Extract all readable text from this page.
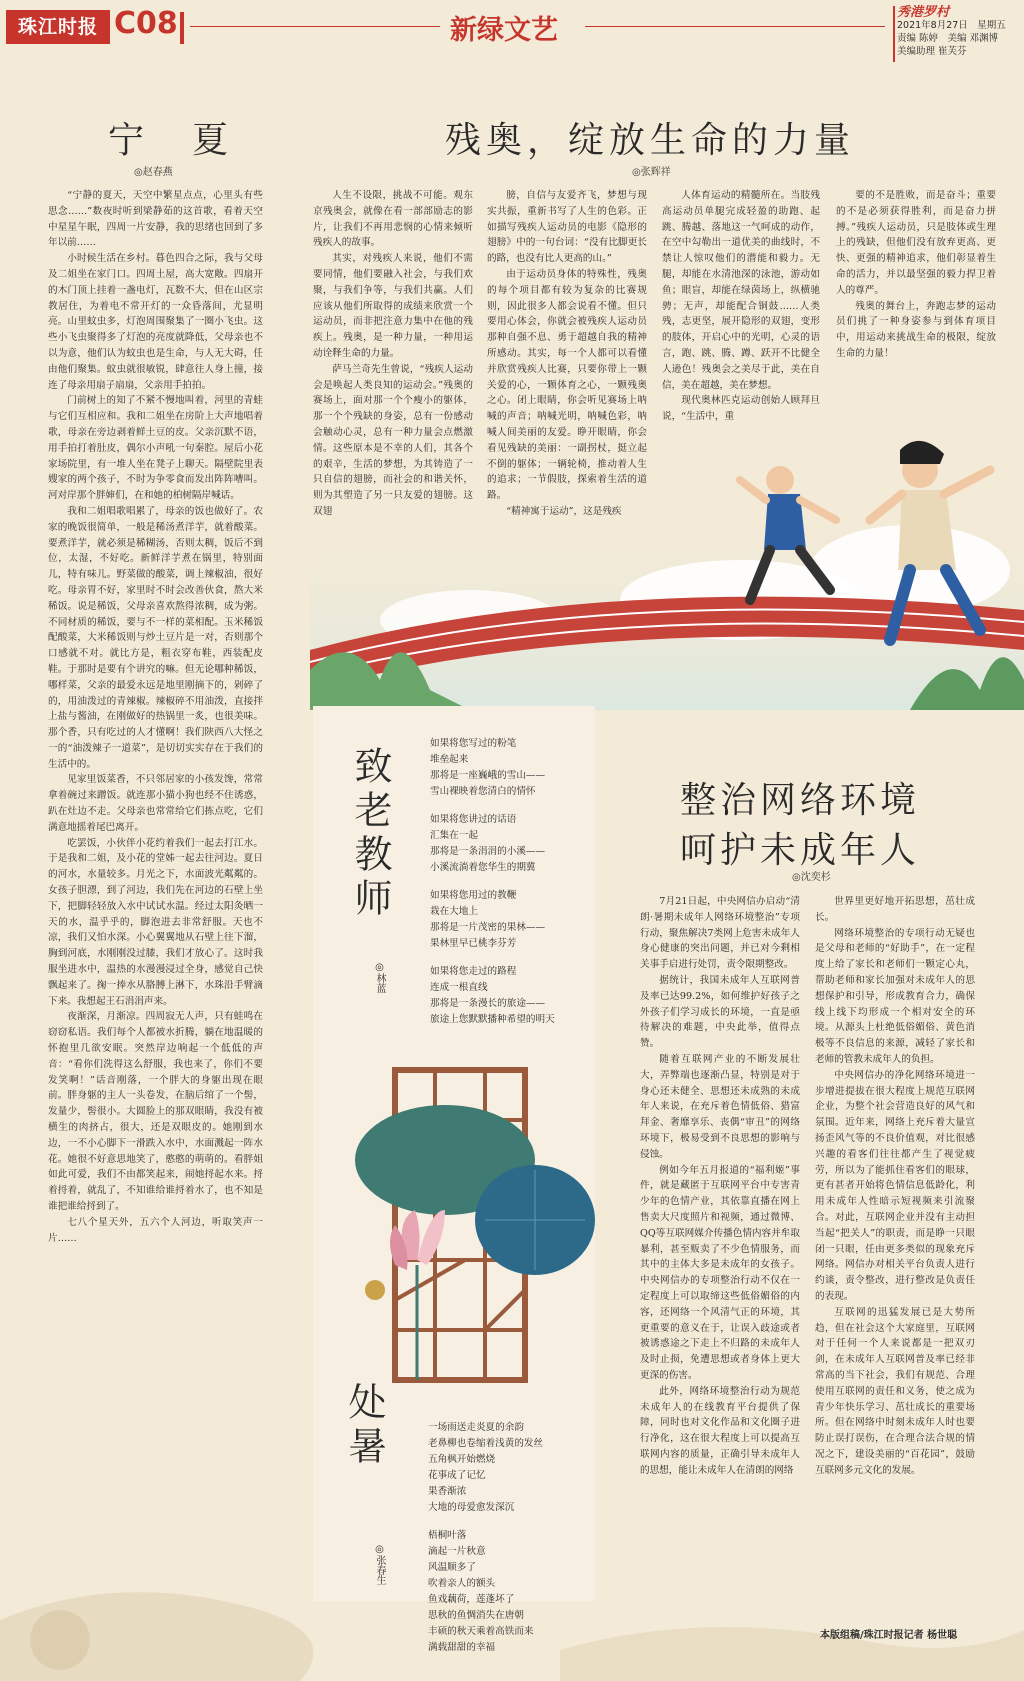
珠江时报 C08	新绿文艺
秀港罗村
2021年8月27日　星期五
责编 陈婷　美编 邓渊博
美编助理 崔芙芬
宁　夏
◎赵春燕

“宁静的夏天，天空中繁星点点，心里头有些思念……”数夜时听到梁静茹的这首歌，看着天空中星星午眠，四周一片安静，我的思绪也回到了多年以前……

小时候生活在乡村。暮色四合之际，我与父母及二姐坐在家门口。四周土屋，高大宽敞。四扇开的木门顶上挂着一盏电灯，瓦数不大，但在山区宗教居住，为着电不常开灯的一众昏落间，尤显明亮。山里蚊虫多，灯泡周围聚集了一圈小飞虫。这些小飞虫聚得多了灯泡的亮度就降低，父母亲也不以为意，他们认为蚊虫也是生命，与人无大碍，任由他们聚集。蚊虫就很敏锐，肆意往人身上撞，接连了母亲用扇子扇扇，父亲用手拍拍。

门前树上的知了不紧不慢地叫着，河里的青蛙与它们互相应和。我和二姐坐在房阶上大声地唱着歌，母亲在旁边剥着鲜土豆的皮。父亲沉默不语，用手拍打着肚皮，偶尔小声吼一句秦腔。屋后小花家场院里，有一堆人坐在凳子上聊天。隔壁院里表嫂家的两个孩子，不时为争零食而发出阵阵嘈叫。河对岸那个胖婶们，在和她的柏树隔岸喊话。

我和二姐唱歌唱累了，母亲的饭也做好了。农家的晚饭很简单，一般是稀汤煮洋芋，就着酸菜。要煮洋芋，就必须是稀糊汤，否则太稠，饭后不到位，太湿，不好吃。新鲜洋芋煮在锅里，特别面儿，特有味儿。野菜做的酸菜，调上辣椒油，很好吃。母亲胃不好，家里时不时会改善伙食，熬大米稀饭。说是稀饭，父母亲喜欢熬得浓稠，成为粥。不同材质的稀饭，要与不一样的菜相配。玉米稀饭配酸菜，大米稀饭则与炒土豆片是一对，否则那个口感就不对。就比方是，粗衣穿布鞋，西装配皮鞋。于那时是要有个讲究的嘛。但无论哪种稀饭，哪样菜，父亲的最爱永远是地里刚摘下的，剁碎了的，用油泼过的青辣椒。辣椒碎不用油泼，直接拌上盐与酱油，在刚做好的热锅里一炙，也很美味。那个香，只有吃过的人才懂啊！我们陕西八大怪之一的“油泼辣子一道菜”，是切切实实存在于我们的生活中的。

见家里饭菜香，不只邻居家的小孩发馋，常常拿着碗过来蹭饭。就连那小猫小狗也经不住诱惑，趴在灶边不走。父母亲也常常给它们拣点吃，它们满意地摇着尾巴离开。

吃罢饭，小伙伴小花约着我们一起去打江水。于是我和二姐，及小花的堂姊一起去往河边。夏日的河水，水量较多。月光之下，水面波光粼粼的。女孩子胆漂，到了河边，我们先在河边的石壁上坐下，把脚轻轻放入水中试试水温。经过太阳灸晒一天的水，温乎乎的，脚泡进去非常舒服。天也不凉，我们又怕水深。小心翼翼地从石壁上往下溜，胸到河底，水刚刚没过膝，我们才放心了。这时我服坐进水中，温热的水漫漫浸过全身，感觉自己快飘起来了。掬一捧水从胳膊上淋下，水珠沿手臂滴下来。我想起王石涓涓声来。

夜渐深，月渐凉。四周寂无人声，只有蛙鸣在窃窃私语。我们每个人都被水折腾，躺在地温暖的怀抱里几欲安眠。突然岸边响起一个低低的声音：“看你们洗得这么舒服，我也来了，你们不要发笑啊！”话音刚落，一个胖大的身躯出现在眼前。胖身躯的主人一头卷发，在脑后绾了一个髻，发量少，髻很小。大圆脸上的那双眼睛，我没有被横生的肉挤占，很大，还是双眼皮的。她刚到水边，一不小心脚下一滑跌入水中，水面溅起一阵水花。她很不好意思地笑了，憨憨的萌萌的。看胖姐如此可爱，我们不由都笑起来，闹她捋起水来。捋着捋着，就乱了，不知谁给谁捋着水了，也不知是谁把谁给捋到了。

七八个星天外，五六个人河边，听取笑声一片……

残奥，绽放生命的力量
◎张辉祥

人生不设限，挑战不可能。观东京残奥会，就像在看一部部励志的影片，让我们不再用悲悯的心情来倾听残疾人的故事。

其实，对残疾人来说，他们不需要同情，他们要融入社会，与我们欢聚，与我们争等，与我们共赢。人们应该从他们所取得的成绩来欣赏一个运动员，而非把注意力集中在他的残疾上。残奥，是一种力量，一种用运动诠释生命的力量。

萨马兰奇先生曾说，“残疾人运动会是唤起人类良知的运动会。”残奥的赛场上，面对那一个个瘦小的躯体，那一个个残缺的身姿，总有一份感动会触动心灵，总有一种力量会点燃激情。这些原本是不幸的人们，其各个的艰辛，生活的梦想，为其铸造了一只自信的翅膀，而社会的和谐关怀，则为其塑造了另一只友爱的翅膀。这

膀，自信与友爱齐飞，梦想与现实共振，重新书写了人生的色彩。正如描写残疾人运动员的电影《隐形的翅膀》中的一句台词：“没有比脚更长的路，也没有比人更高的山。”

由于运动员身体的特殊性，残奥的每个项目都有较为复杂的比赛规则，因此很多人都会说看不懂。但只要用心体会，你就会被残疾人运动员那种自强不息、勇于超越自我的精神所感动。其实，每一个人都可以看懂并欣赏残疾人比赛，只要你带上一颗关爱的心，一颗体育之心，一颗残奥之心。闭上眼睛，你会听见赛场上呐喊的声音；呐喊光明，呐喊色彩，呐喊人间美丽的友爱。睁开眼睛，你会看见残缺的美丽：一副拐杖，挺立起不倒的躯体；一辆轮椅，推动着人生的追求；一节假肢，探索着生活的道路。

人体育运动的精髓所在。当肢残高运动员单腿完成轻盈的助跑、起跳、腾越、落地这一气呵成的动作，在空中勾勒出一道优美的曲线时，不禁让人惊叹他们的潜能和毅力。无腿，却能在水清池深的泳池，游动如鱼；眼盲，却能在绿茵场上，纵横驰骋；无声，却能配合铜鼓……人类残，志更坚，展开隐形的双翅，变形的肢体，开启心中的光明，心灵的语言，跑、跳、腾、蹲、跃开不比健全人逊色！残奥会之美尽于此，美在自信，美在超越，美在梦想。

现代奥林匹克运动创始人顾拜旦说，“生活中，重

要的不是胜败，而是奋斗；重要的不是必须获得胜利，而是奋力拼搏。”残疾人运动员，只是肢体或生理上的残缺，但他们没有放弃更高、更快、更强的精神追求，他们彰显着生命的活力，并以最坚强的毅力捍卫着人的尊严。

残奥的舞台上，奔跑志梦的运动员们挑了一种身姿参与到体育项目中，用运动来挑战生命的极限，绽放生命的力量！

致老教师
◎林蓝
如果将您写过的粉笔
堆垒起来
那将是一座巍峨的雪山——
雪山裸映着您清白的情怀
如果将您讲过的话语
汇集在一起
那将是一条涓涓的小溪——
小溪流淌着您华生的期冀
如果将您用过的教鞭
栽在大地上
那将是一片茂密的果林——
果林里早已桃李芬芳
如果将您走过的路程
连成一根直线
那将是一条漫长的旅途——
旅途上您默默播种希望的明天
处暑
◎张春生
一场雨送走炎夏的余韵
老鼻柳也卷缩着浅黄的发丝
五角枫开始燃烧
花事成了记忆
果香渐浓
大地的母爱愈发深沉
梧桐叶落
滴起一片秋意
风温顺多了
吹着亲人的额头
鱼戏藕荷，莲蓬坏了
思秋的鱼惆消失在唐朝
丰硕的秋天乘着高铁而来
满载甜甜的幸福
整治网络环境
呵护未成年人
◎沈奕杉

7月21日起，中央网信办启动“清朗·暑期未成年人网络环境整治”专项行动，聚焦解决7类网上危害未成年人身心健康的突出问题，并已对今剩相关事手启进行处罚，责令限期整改。

据统计，我国未成年人互联网普及率已达99.2%，如何维护好孩子之外孩子们学习成长的环境，一直是亟待解决的难题，中央此举，值得点赞。

随着互联网产业的不断发展壮大，弄弊端也逐渐凸显，特别是对于身心还未健全、思想还未成熟的未成年人来说，在充斥着色情低俗、猎富拜金、奢靡享乐、丧偶“审丑”的网络环境下，极易受到不良思想的影响与侵蚀。

例如今年五月报道的“福利姬”事件，就是藏匿于互联网平台中专害青少年的色情产业，其依靠直播在网上售卖大尺度照片和视频，通过微博、QQ等互联网媒介传播色情内容并牟取暴利，甚至贩卖了不少色情服务，而其中的主体大多是未成年的女孩子。中央网信办的专项整治行动不仅在一定程度上可以取缔这些低俗媚俗的内容，还网络一个风清气正的环境，其更重要的意义在于，让误入歧途或者被诱惑途之下走上不归路的未成年人及时止损，免遭思想或者身体上更大更深的伤害。

此外，网络环境整治行动为规范未成年人的在线教育平台提供了保障，同时也对文化作品和文化圈子进行净化，这在很大程度上可以提高互联网内容的质量，正确引导未成年人的思想，能让未成年人在清朗的网络

世界里更好地开拓思想，茁壮成长。

网络环境整治的专项行动无疑也是父母和老师的“好助手”，在一定程度上给了家长和老师们一颗定心丸，帮助老师和家长加强对未成年人的思想保护和引导，形成教育合力，确保线上线下均形成一个相对安全的环境。从源头上杜绝低俗媚俗、黄色消极等不良信息的来源，减轻了家长和老师的管教未成年人的负担。

中央网信办的净化网络环境进一步增进提拔在很大程度上规范互联网企业，为整个社会营造良好的风气和氛围。近年来，网络上充斥着大量宣扬歪风气等的不良价值观，对比很感兴趣的看客们往往都产生了视觉疲劳，所以为了能抓住看客们的眼球，更有甚者开始将色情信息低龄化，利用未成年人性暗示短视频来引流聚合。对此，互联网企业并没有主动担当起“把关人”的职责，而是睁一只眼闭一只眼，任由更多类似的现象充斥网络。网信办对相关平台负责人进行约谈，责令整改，进行整改是负责任的表现。

互联网的迅猛发展已是大势所趋，但在社会这个大家庭里，互联网对于任何一个人来说都是一把双刃剑，在未成年人互联网普及率已经非常高的当下社会，我们有规范、合理使用互联网的责任和义务，使之成为青少年快乐学习、茁壮成长的重要场所。但在网络中时刻未成年人时也要防止误打误伤，在合理合法合规的情况之下，建设美丽的“百花园”，鼓励互联网多元文化的发展。

本版组稿/珠江时报记者 杨世聪
